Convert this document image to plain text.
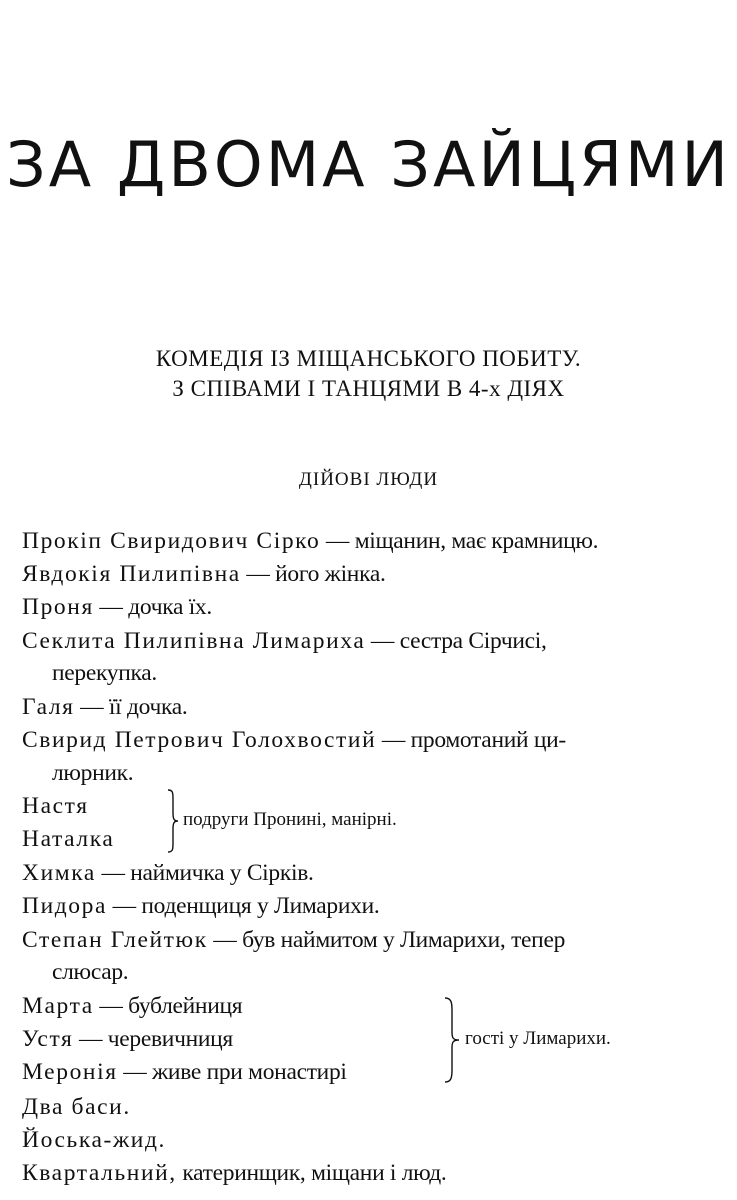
ЗА ДВОМА ЗАЙЦЯМИ
КОМЕДІЯ ІЗ МІЩАНСЬКОГО ПОБИТУ.
З СПІВАМИ І ТАНЦЯМИ В 4-х ДІЯХ
ДІЙОВІ ЛЮДИ
Прокіп Свиридович Сірко — міщанин, має крамницю.
Явдокія Пилипівна — його жінка.
Проня — дочка їх.
Секлита Пилипівна Лимариха — сестра Сірчисі,
перекупка.
Галя — її дочка.
Свирид Петрович Голохвостий — промотаний ци-
люрник.
Настя
Наталка
подруги Пронині, манірні.
Химка — наймичка у Сірків.
Пидора — поденщиця у Лимарихи.
Степан Глейтюк — був наймитом у Лимарихи, тепер
слюсар.
Марта — бублейниця
Устя — черевичниця
Меронія — живе при монастирі
гості у Лимарихи.
Два баси.
Йоська-жид.
Квартальний, катеринщик, міщани і люд.
